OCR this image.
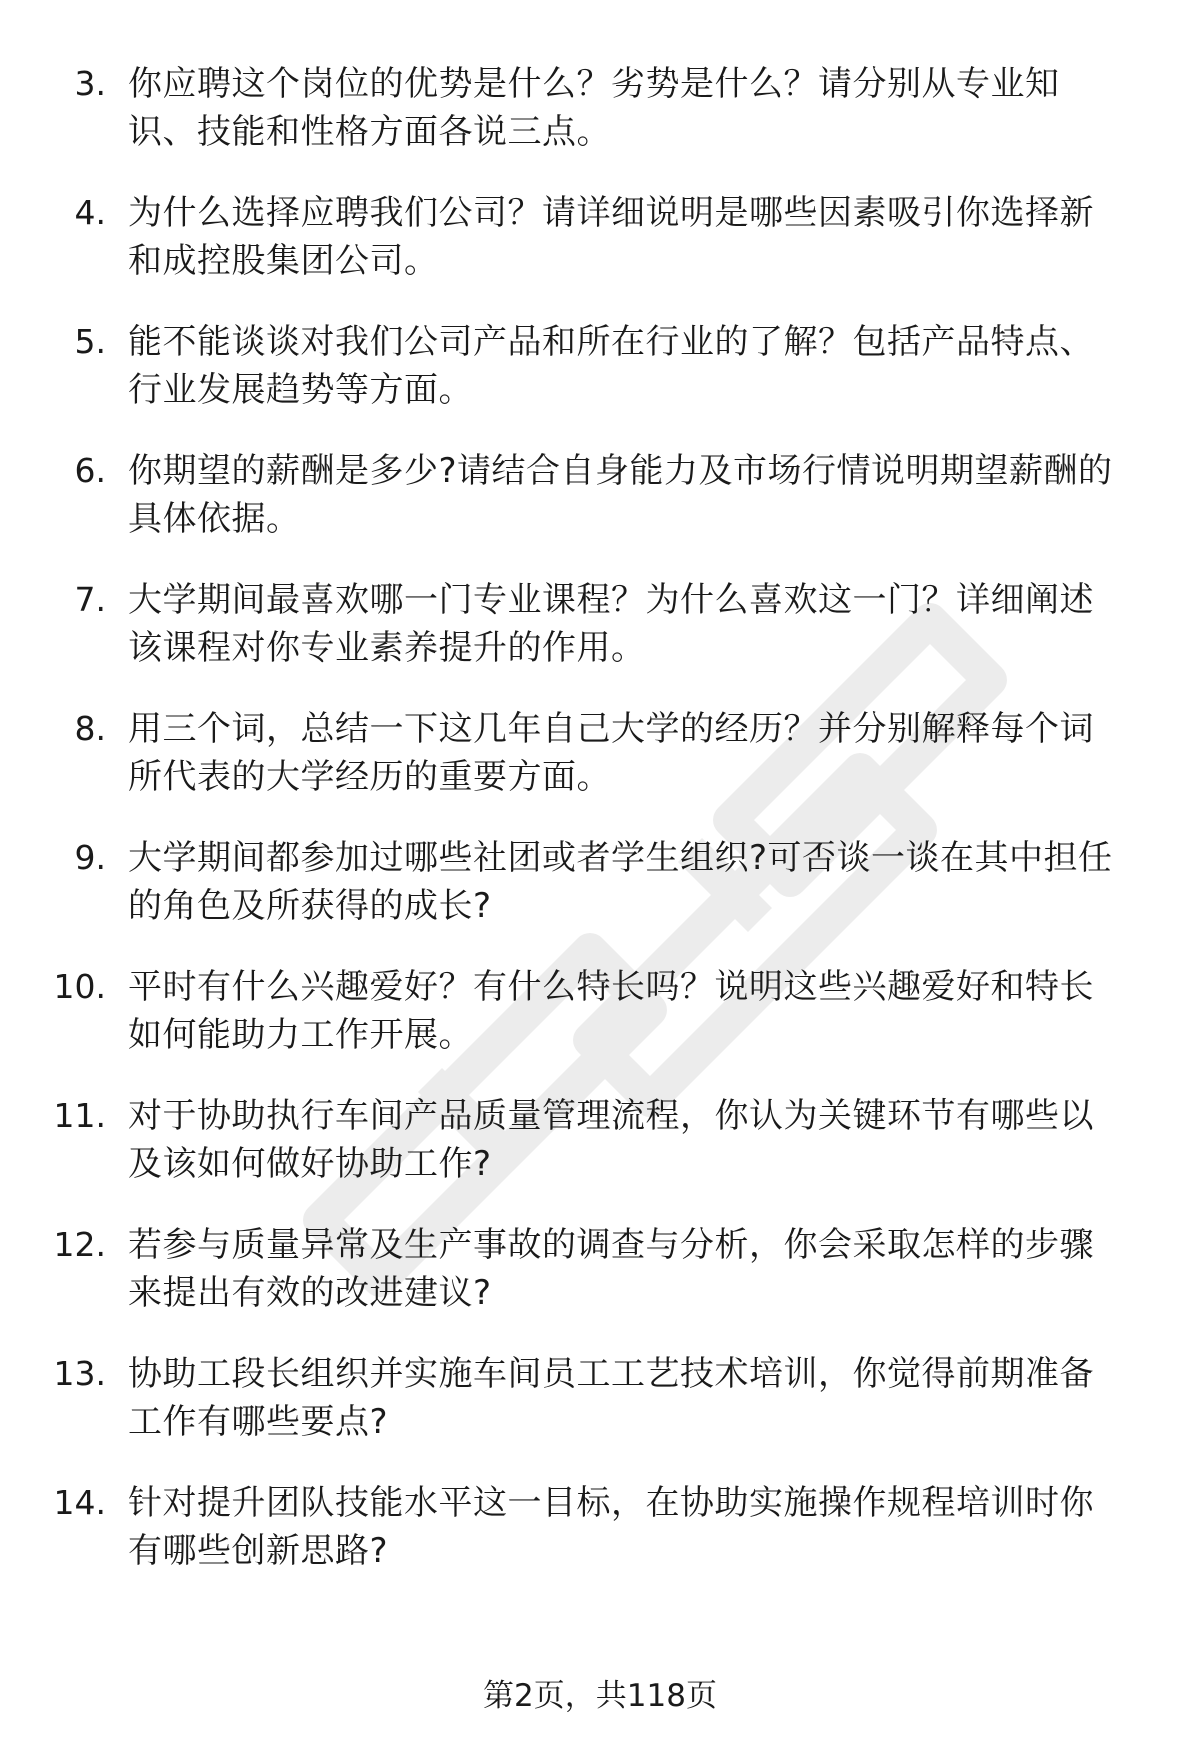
3. 你应聘这个岗位的优势是什么？劣势是什么？请分别从专业知
识、技能和性格方面各说三点。
4. 为什么选择应聘我们公司？请详细说明是哪些因素吸引你选择新
和成控股集团公司。
5. 能不能谈谈对我们公司产品和所在行业的了解？包括产品特点、
行业发展趋势等方面。
6. 你期望的薪酬是多少?请结合自身能力及市场行情说明期望薪酬的
具体依据。
7. 大学期间最喜欢哪一门专业课程？为什么喜欢这一门？详细阐述
该课程对你专业素养提升的作用。
8. 用三个词，总结一下这几年自己大学的经历？并分别解释每个词
所代表的大学经历的重要方面。
9. 大学期间都参加过哪些社团或者学生组织?可否谈一谈在其中担任
的角色及所获得的成长?
10. 平时有什么兴趣爱好？有什么特长吗？说明这些兴趣爱好和特长
如何能助力工作开展。
11. 对于协助执行车间产品质量管理流程，你认为关键环节有哪些以
及该如何做好协助工作?
12. 若参与质量异常及生产事故的调查与分析，你会采取怎样的步骤
来提出有效的改进建议?
13. 协助工段长组织并实施车间员工工艺技术培训，你觉得前期准备
工作有哪些要点?
14. 针对提升团队技能水平这一目标，在协助实施操作规程培训时你
有哪些创新思路?
第2页，共118页
